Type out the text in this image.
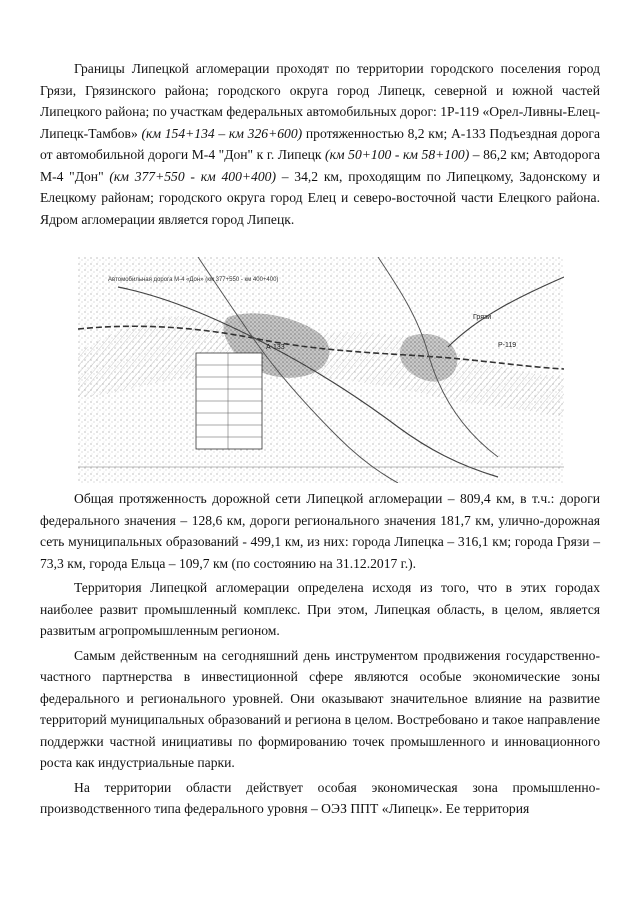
Границы Липецкой агломерации проходят по территории городского поселения город Грязи, Грязинского района; городского округа город Липецк, северной и южной частей Липецкого района; по участкам федеральных автомобильных дорог: 1Р-119 «Орел-Ливны-Елец-Липецк-Тамбов» (км 154+134 – км 326+600) протяженностью 8,2 км; А-133 Подъездная дорога от автомобильной дороги М-4 "Дон" к г. Липецк (км 50+100 - км 58+100) – 86,2 км; Автодорога М-4 "Дон" (км 377+550 - км 400+400) – 34,2 км, проходящим по Липецкому, Задонскому и Елецкому районам; городского округа город Елец и северо-восточной части Елецкого района. Ядром агломерации является город Липецк.

Автомобильная дорога М-4 «Дон» (км 377+550 - км 400+400)
А-133	Р-119
Грязи

Общая протяженность дорожной сети Липецкой агломерации – 809,4 км, в т.ч.: дороги федерального значения – 128,6 км, дороги регионального значения 181,7 км, улично-дорожная сеть муниципальных образований - 499,1 км, из них: города Липецка – 316,1 км; города Грязи – 73,3 км, города Ельца – 109,7 км (по состоянию на 31.12.2017 г.).

Территория Липецкой агломерации определена исходя из того, что в этих городах наиболее развит промышленный комплекс. При этом, Липецкая область, в целом, является развитым агропромышленным регионом.

Самым действенным на сегодняшний день инструментом продвижения государственно-частного партнерства в инвестиционной сфере являются особые экономические зоны федерального и регионального уровней. Они оказывают значительное влияние на развитие территорий муниципальных образований и региона в целом. Востребовано и такое направление поддержки частной инициативы по формированию точек промышленного и инновационного роста как индустриальные парки.

На территории области действует особая экономическая зона промышленно-производственного типа федерального уровня – ОЭЗ ППТ «Липецк». Ее территория
